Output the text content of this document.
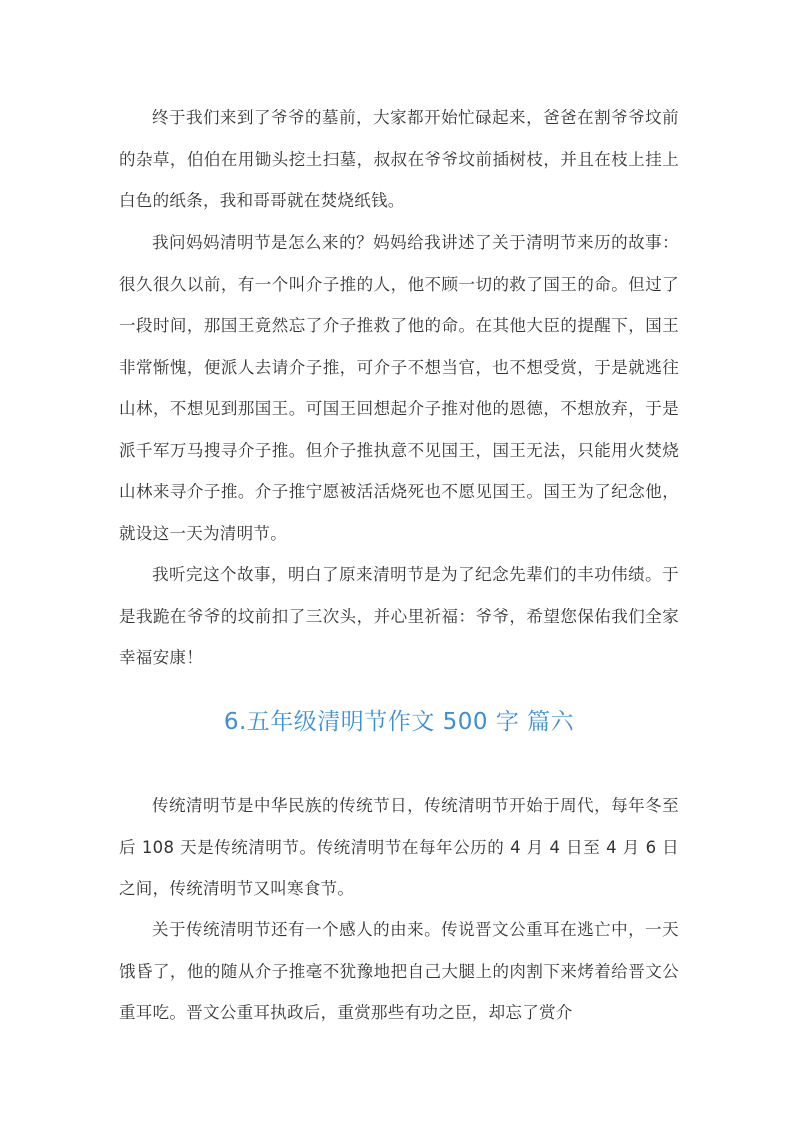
终于我们来到了爷爷的墓前，大家都开始忙碌起来，爸爸在割爷爷坟前的杂草，伯伯在用锄头挖土扫墓，叔叔在爷爷坟前插树枝，并且在枝上挂上白色的纸条，我和哥哥就在焚烧纸钱。

我问妈妈清明节是怎么来的？妈妈给我讲述了关于清明节来历的故事：很久很久以前，有一个叫介子推的人，他不顾一切的救了国王的命。但过了一段时间，那国王竟然忘了介子推救了他的命。在其他大臣的提醒下，国王非常惭愧，便派人去请介子推，可介子不想当官，也不想受赏，于是就逃往山林，不想见到那国王。可国王回想起介子推对他的恩德，不想放弃，于是派千军万马搜寻介子推。但介子推执意不见国王，国王无法，只能用火焚烧山林来寻介子推。介子推宁愿被活活烧死也不愿见国王。国王为了纪念他，就设这一天为清明节。

我听完这个故事，明白了原来清明节是为了纪念先辈们的丰功伟绩。于是我跪在爷爷的坟前扣了三次头，并心里祈福：爷爷，希望您保佑我们全家幸福安康！

6.五年级清明节作文 500 字 篇六

传统清明节是中华民族的传统节日，传统清明节开始于周代，每年冬至后 108 天是传统清明节。传统清明节在每年公历的 4 月 4 日至 4 月 6 日之间，传统清明节又叫寒食节。

关于传统清明节还有一个感人的由来。传说晋文公重耳在逃亡中，一天饿昏了，他的随从介子推毫不犹豫地把自己大腿上的肉割下来烤着给晋文公重耳吃。晋文公重耳执政后，重赏那些有功之臣，却忘了赏介
